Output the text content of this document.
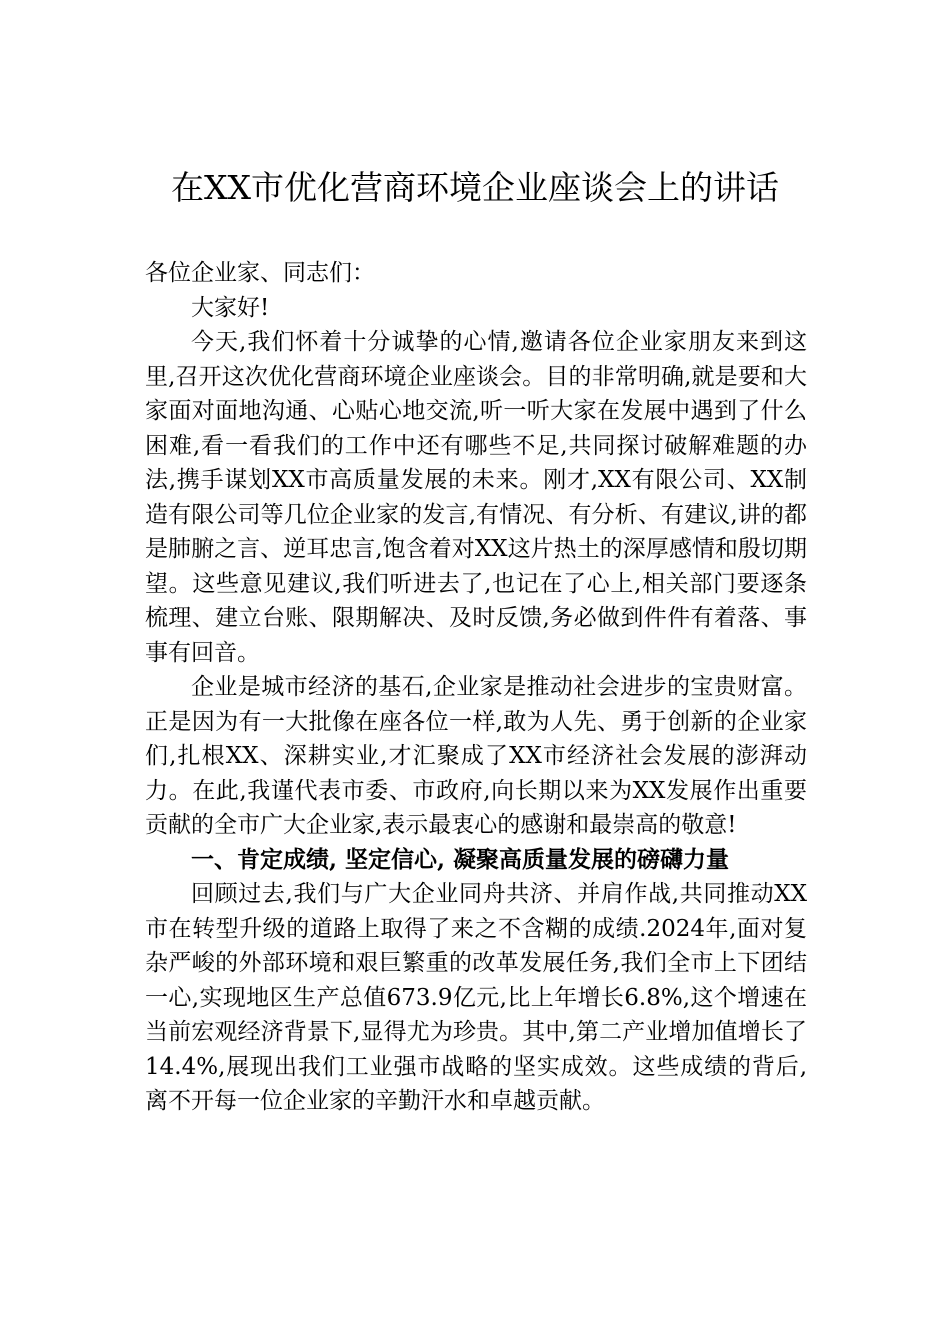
在XX市优化营商环境企业座谈会上的讲话

各位企业家、同志们：

大家好!

今天,我们怀着十分诚挚的心情,邀请各位企业家朋友来到这里,召开这次优化营商环境企业座谈会。目的非常明确,就是要和大家面对面地沟通、心贴心地交流,听一听大家在发展中遇到了什么困难,看一看我们的工作中还有哪些不足,共同探讨破解难题的办法,携手谋划XX市高质量发展的未来。刚才,XX有限公司、XX制造有限公司等几位企业家的发言,有情况、有分析、有建议,讲的都是肺腑之言、逆耳忠言,饱含着对XX这片热土的深厚感情和殷切期望。这些意见建议,我们听进去了,也记在了心上,相关部门要逐条梳理、建立台账、限期解决、及时反馈,务必做到件件有着落、事事有回音。

企业是城市经济的基石,企业家是推动社会进步的宝贵财富。正是因为有一大批像在座各位一样,敢为人先、勇于创新的企业家们,扎根XX、深耕实业,才汇聚成了XX市经济社会发展的澎湃动力。在此,我谨代表市委、市政府,向长期以来为XX发展作出重要贡献的全市广大企业家,表示最衷心的感谢和最崇高的敬意!

一、肯定成绩, 坚定信心, 凝聚高质量发展的磅礴力量

回顾过去,我们与广大企业同舟共济、并肩作战,共同推动XX市在转型升级的道路上取得了来之不含糊的成绩.2024年,面对复杂严峻的外部环境和艰巨繁重的改革发展任务,我们全市上下团结一心,实现地区生产总值673.9亿元,比上年增长6.8%,这个增速在当前宏观经济背景下,显得尤为珍贵。其中,第二产业增加值增长了14.4%,展现出我们工业强市战略的坚实成效。这些成绩的背后,离不开每一位企业家的辛勤汗水和卓越贡献。
